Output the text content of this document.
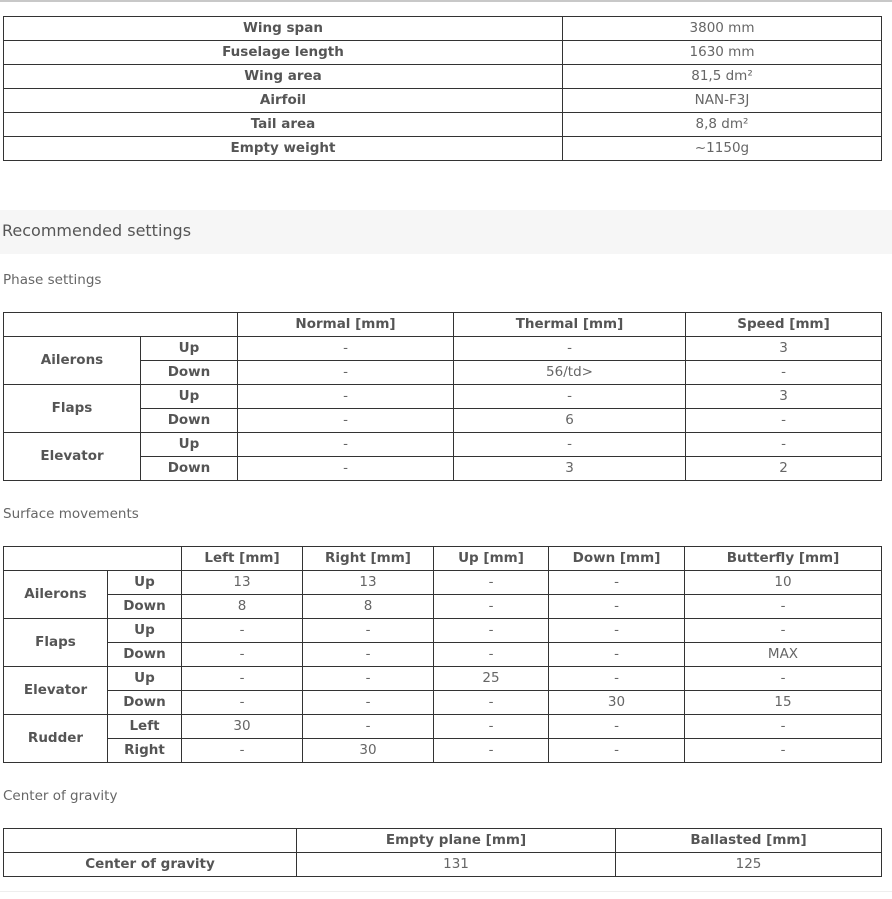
Wing span	3800 mm
Fuselage length	1630 mm
Wing area	81,5 dm²
Airfoil	NAN-F3J
Tail area	8,8 dm²
Empty weight	~1150g
Recommended settings
Phase settings
		Normal [mm]	Thermal [mm]	Speed [mm]
Ailerons	Up	-	-	3
	Down	-	56/td>	-
Flaps	Up	-	-	3
	Down	-	6	-
Elevator	Up	-	-	-
	Down	-	3	2
Surface movements
		Left [mm]	Right [mm]	Up [mm]	Down [mm]	Butterfly [mm]
Ailerons	Up	13	13	-	-	10
	Down	8	8	-	-	-
Flaps	Up	-	-	-	-	-
	Down	-	-	-	-	MAX
Elevator	Up	-	-	25	-	-
	Down	-	-	-	30	15
Rudder	Left	30	-	-	-	-
	Right	-	30	-	-	-
Center of gravity
	Empty plane [mm]	Ballasted [mm]
Center of gravity	131	125
